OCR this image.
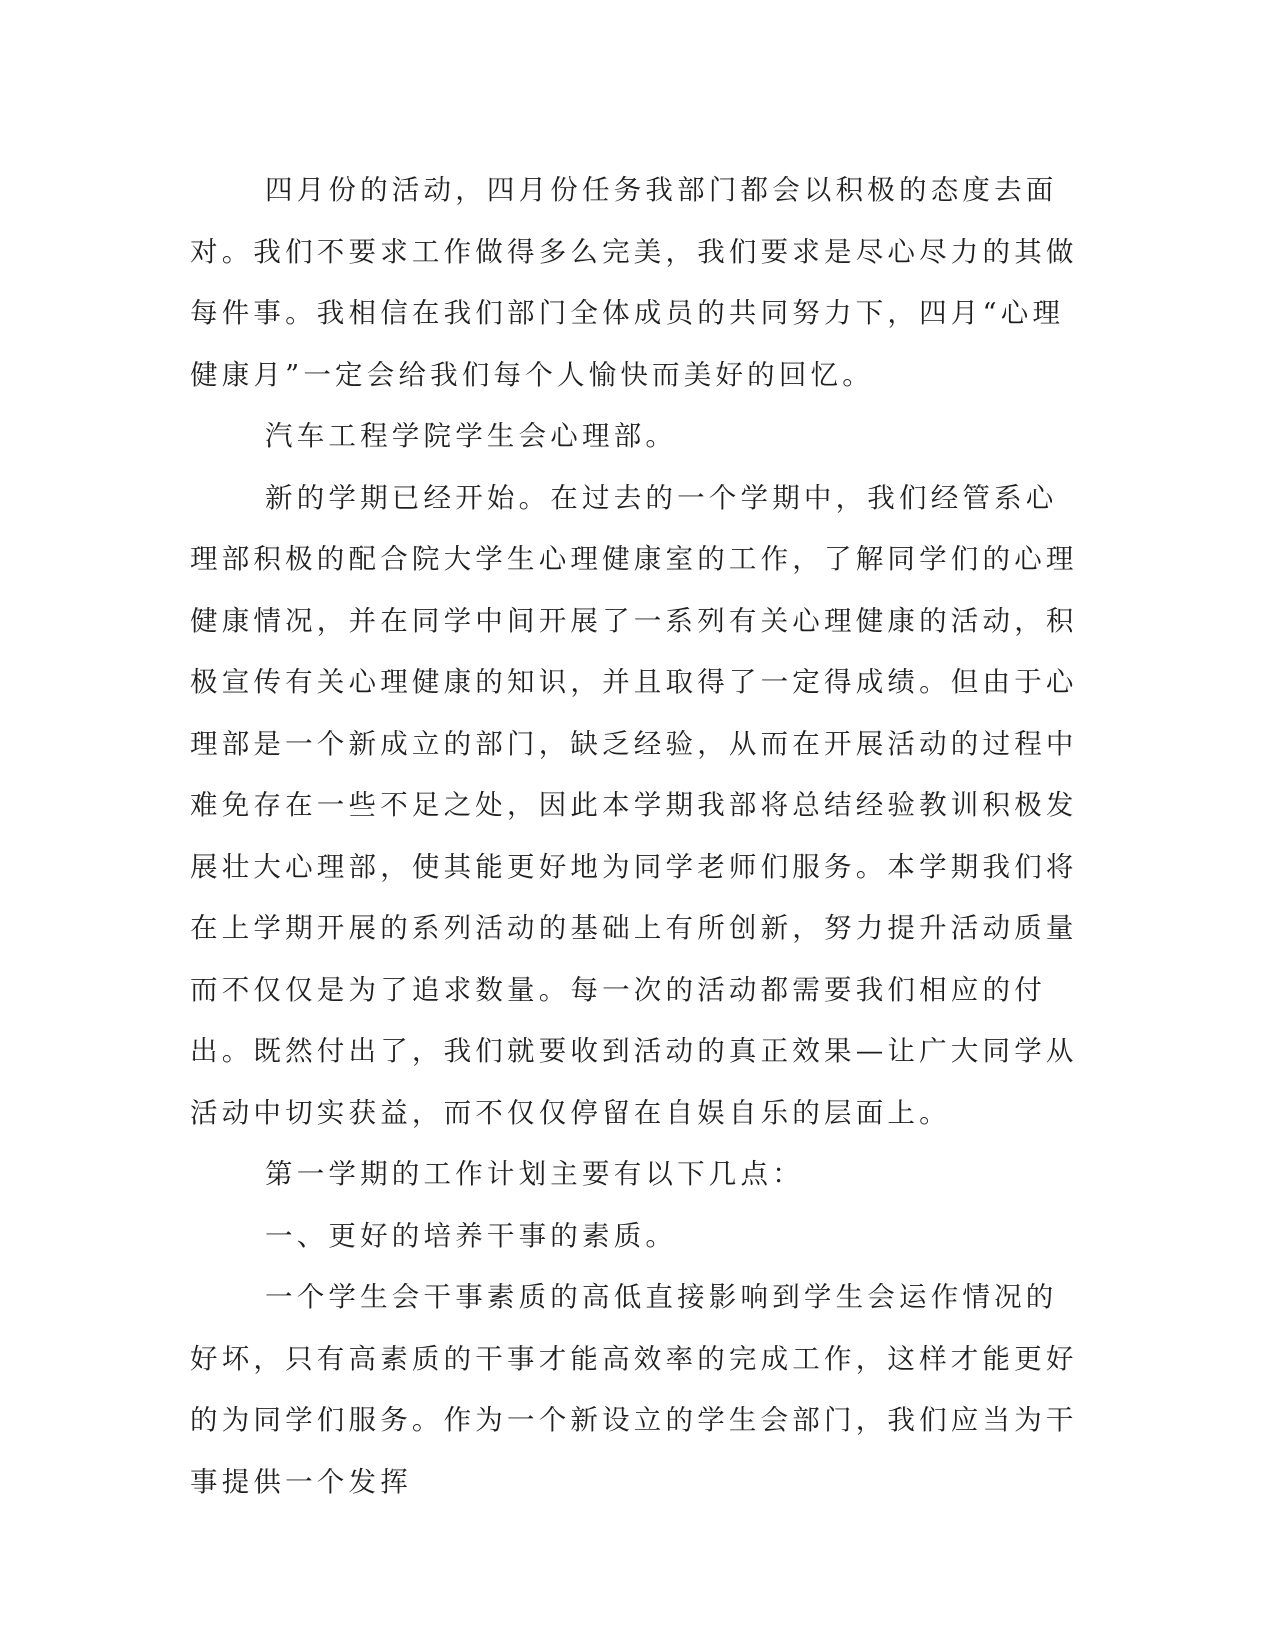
四月份的活动，四月份任务我部门都会以积极的态度去面对。我们不要求工作做得多么完美，我们要求是尽心尽力的其做每件事。我相信在我们部门全体成员的共同努力下，四月“心理健康月”一定会给我们每个人愉快而美好的回忆。

汽车工程学院学生会心理部。

新的学期已经开始。在过去的一个学期中，我们经管系心理部积极的配合院大学生心理健康室的工作，了解同学们的心理健康情况，并在同学中间开展了一系列有关心理健康的活动，积极宣传有关心理健康的知识，并且取得了一定得成绩。但由于心理部是一个新成立的部门，缺乏经验，从而在开展活动的过程中难免存在一些不足之处，因此本学期我部将总结经验教训积极发展壮大心理部，使其能更好地为同学老师们服务。本学期我们将在上学期开展的系列活动的基础上有所创新，努力提升活动质量而不仅仅是为了追求数量。每一次的活动都需要我们相应的付出。既然付出了，我们就要收到活动的真正效果—让广大同学从活动中切实获益，而不仅仅停留在自娱自乐的层面上。

第一学期的工作计划主要有以下几点：

一、更好的培养干事的素质。

一个学生会干事素质的高低直接影响到学生会运作情况的好坏，只有高素质的干事才能高效率的完成工作，这样才能更好的为同学们服务。作为一个新设立的学生会部门，我们应当为干事提供一个发挥
